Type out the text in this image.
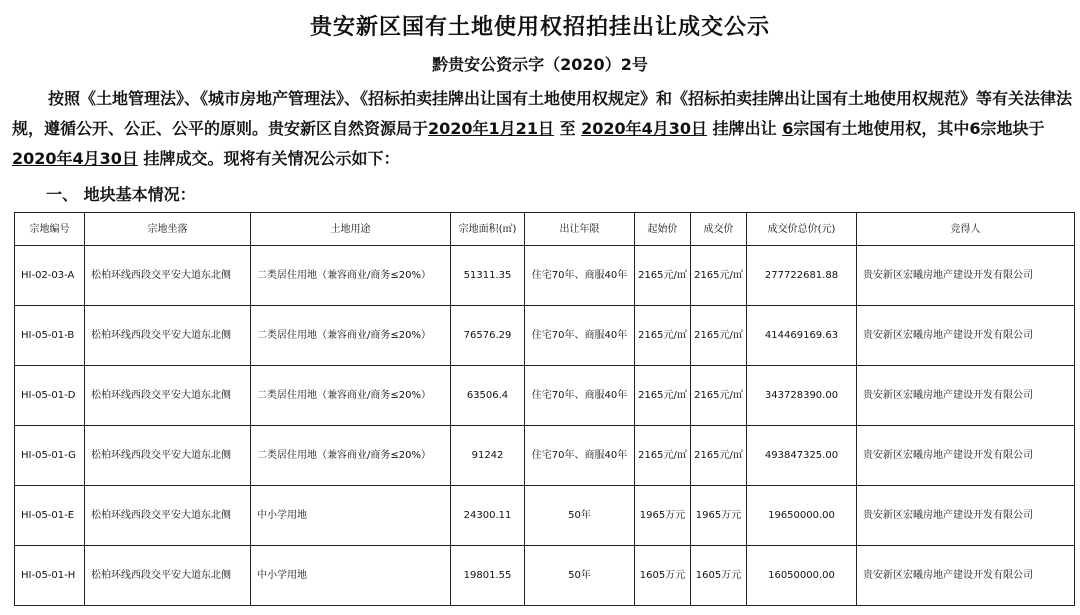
贵安新区国有土地使用权招拍挂出让成交公示
黔贵安公资示字（2020）2号
按照《土地管理法》、《城市房地产管理法》、《招标拍卖挂牌出让国有土地使用权规定》和《招标拍卖挂牌出让国有土地使用权规范》等有关法律法规，遵循公开、公正、公平的原则。贵安新区自然资源局于2020年1月21日 至 2020年4月30日 挂牌出让 6宗国有土地使用权，其中6宗地块于2020年4月30日 挂牌成交。现将有关情况公示如下：
一、 地块基本情况：
宗地编号	宗地坐落	土地用途	宗地面积(㎡)	出让年限	起始价	成交价	成交价总价(元)	竞得人
HI-02-03-A	松柏环线西段交平安大道东北侧	二类居住用地（兼容商业/商务≤20%）	51311.35	住宅70年、商服40年	2165元/㎡	2165元/㎡	277722681.88	贵安新区宏曦房地产建设开发有限公司
HI-05-01-B	松柏环线西段交平安大道东北侧	二类居住用地（兼容商业/商务≤20%）	76576.29	住宅70年、商服40年	2165元/㎡	2165元/㎡	414469169.63	贵安新区宏曦房地产建设开发有限公司
HI-05-01-D	松柏环线西段交平安大道东北侧	二类居住用地（兼容商业/商务≤20%）	63506.4	住宅70年、商服40年	2165元/㎡	2165元/㎡	343728390.00	贵安新区宏曦房地产建设开发有限公司
HI-05-01-G	松柏环线西段交平安大道东北侧	二类居住用地（兼容商业/商务≤20%）	91242	住宅70年、商服40年	2165元/㎡	2165元/㎡	493847325.00	贵安新区宏曦房地产建设开发有限公司
HI-05-01-E	松柏环线西段交平安大道东北侧	中小学用地	24300.11	50年	1965万元	1965万元	19650000.00	贵安新区宏曦房地产建设开发有限公司
HI-05-01-H	松柏环线西段交平安大道东北侧	中小学用地	19801.55	50年	1605万元	1605万元	16050000.00	贵安新区宏曦房地产建设开发有限公司
